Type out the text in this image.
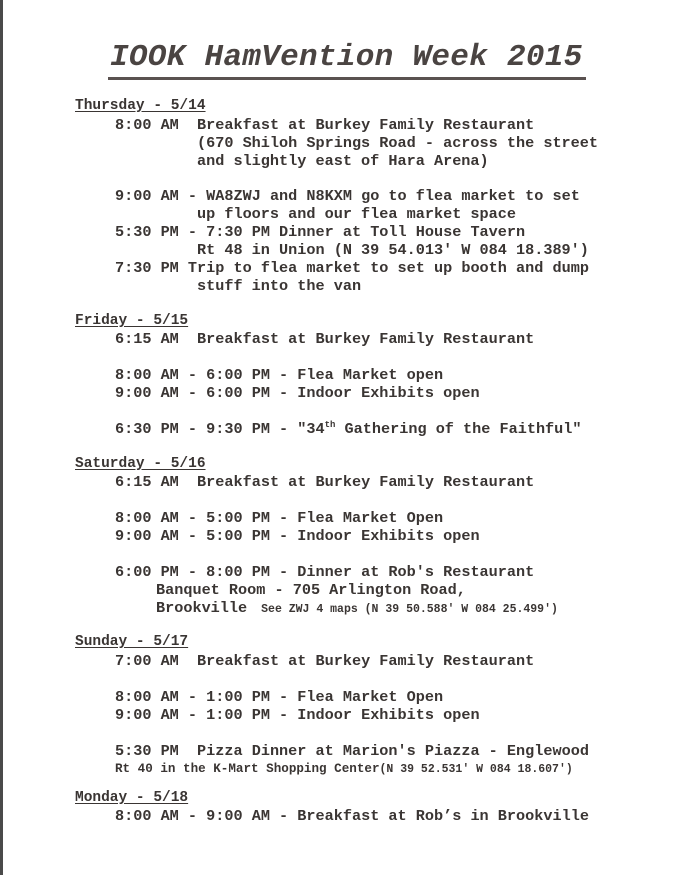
IOOK HamVention Week 2015
Thursday - 5/14
8:00 AM  Breakfast at Burkey Family Restaurant
(670 Shiloh Springs Road - across the street
and slightly east of Hara Arena)
9:00 AM - WA8ZWJ and N8KXM go to flea market to set
up floors and our flea market space
5:30 PM - 7:30 PM Dinner at Toll House Tavern
Rt 48 in Union (N 39 54.013' W 084 18.389')
7:30 PM Trip to flea market to set up booth and dump
stuff into the van
Friday - 5/15
6:15 AM  Breakfast at Burkey Family Restaurant
8:00 AM - 6:00 PM - Flea Market open
9:00 AM - 6:00 PM - Indoor Exhibits open
6:30 PM - 9:30 PM - "34th Gathering of the Faithful"
Saturday - 5/16
6:15 AM  Breakfast at Burkey Family Restaurant
8:00 AM - 5:00 PM - Flea Market Open
9:00 AM - 5:00 PM - Indoor Exhibits open
6:00 PM - 8:00 PM - Dinner at Rob's Restaurant
Banquet Room - 705 Arlington Road,
Brookville See ZWJ 4 maps (N 39 50.588' W 084 25.499')
Sunday - 5/17
7:00 AM  Breakfast at Burkey Family Restaurant
8:00 AM - 1:00 PM - Flea Market Open
9:00 AM - 1:00 PM - Indoor Exhibits open
5:30 PM  Pizza Dinner at Marion's Piazza - Englewood
Rt 40 in the K-Mart Shopping Center(N 39 52.531' W 084 18.607')
Monday - 5/18
8:00 AM - 9:00 AM - Breakfast at Rob’s in Brookville
